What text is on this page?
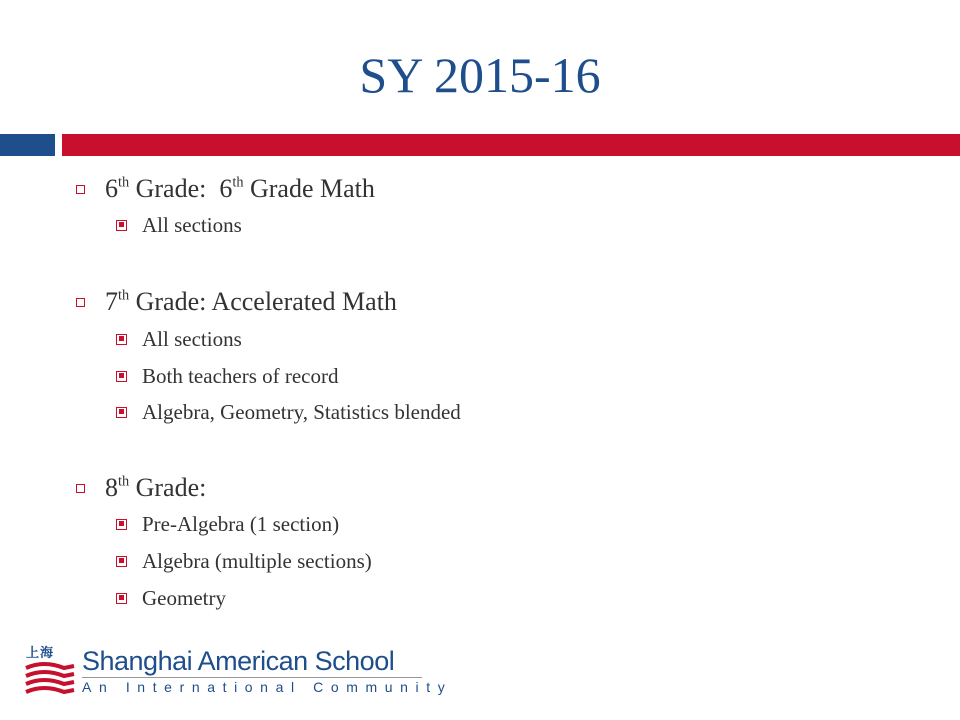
SY 2015-16
6th Grade:  6th Grade Math
All sections
7th Grade: Accelerated Math
All sections
Both teachers of record
Algebra, Geometry, Statistics blended
8th Grade:
Pre-Algebra (1 section)
Algebra (multiple sections)
Geometry
上海 Shanghai American School
An International Community
